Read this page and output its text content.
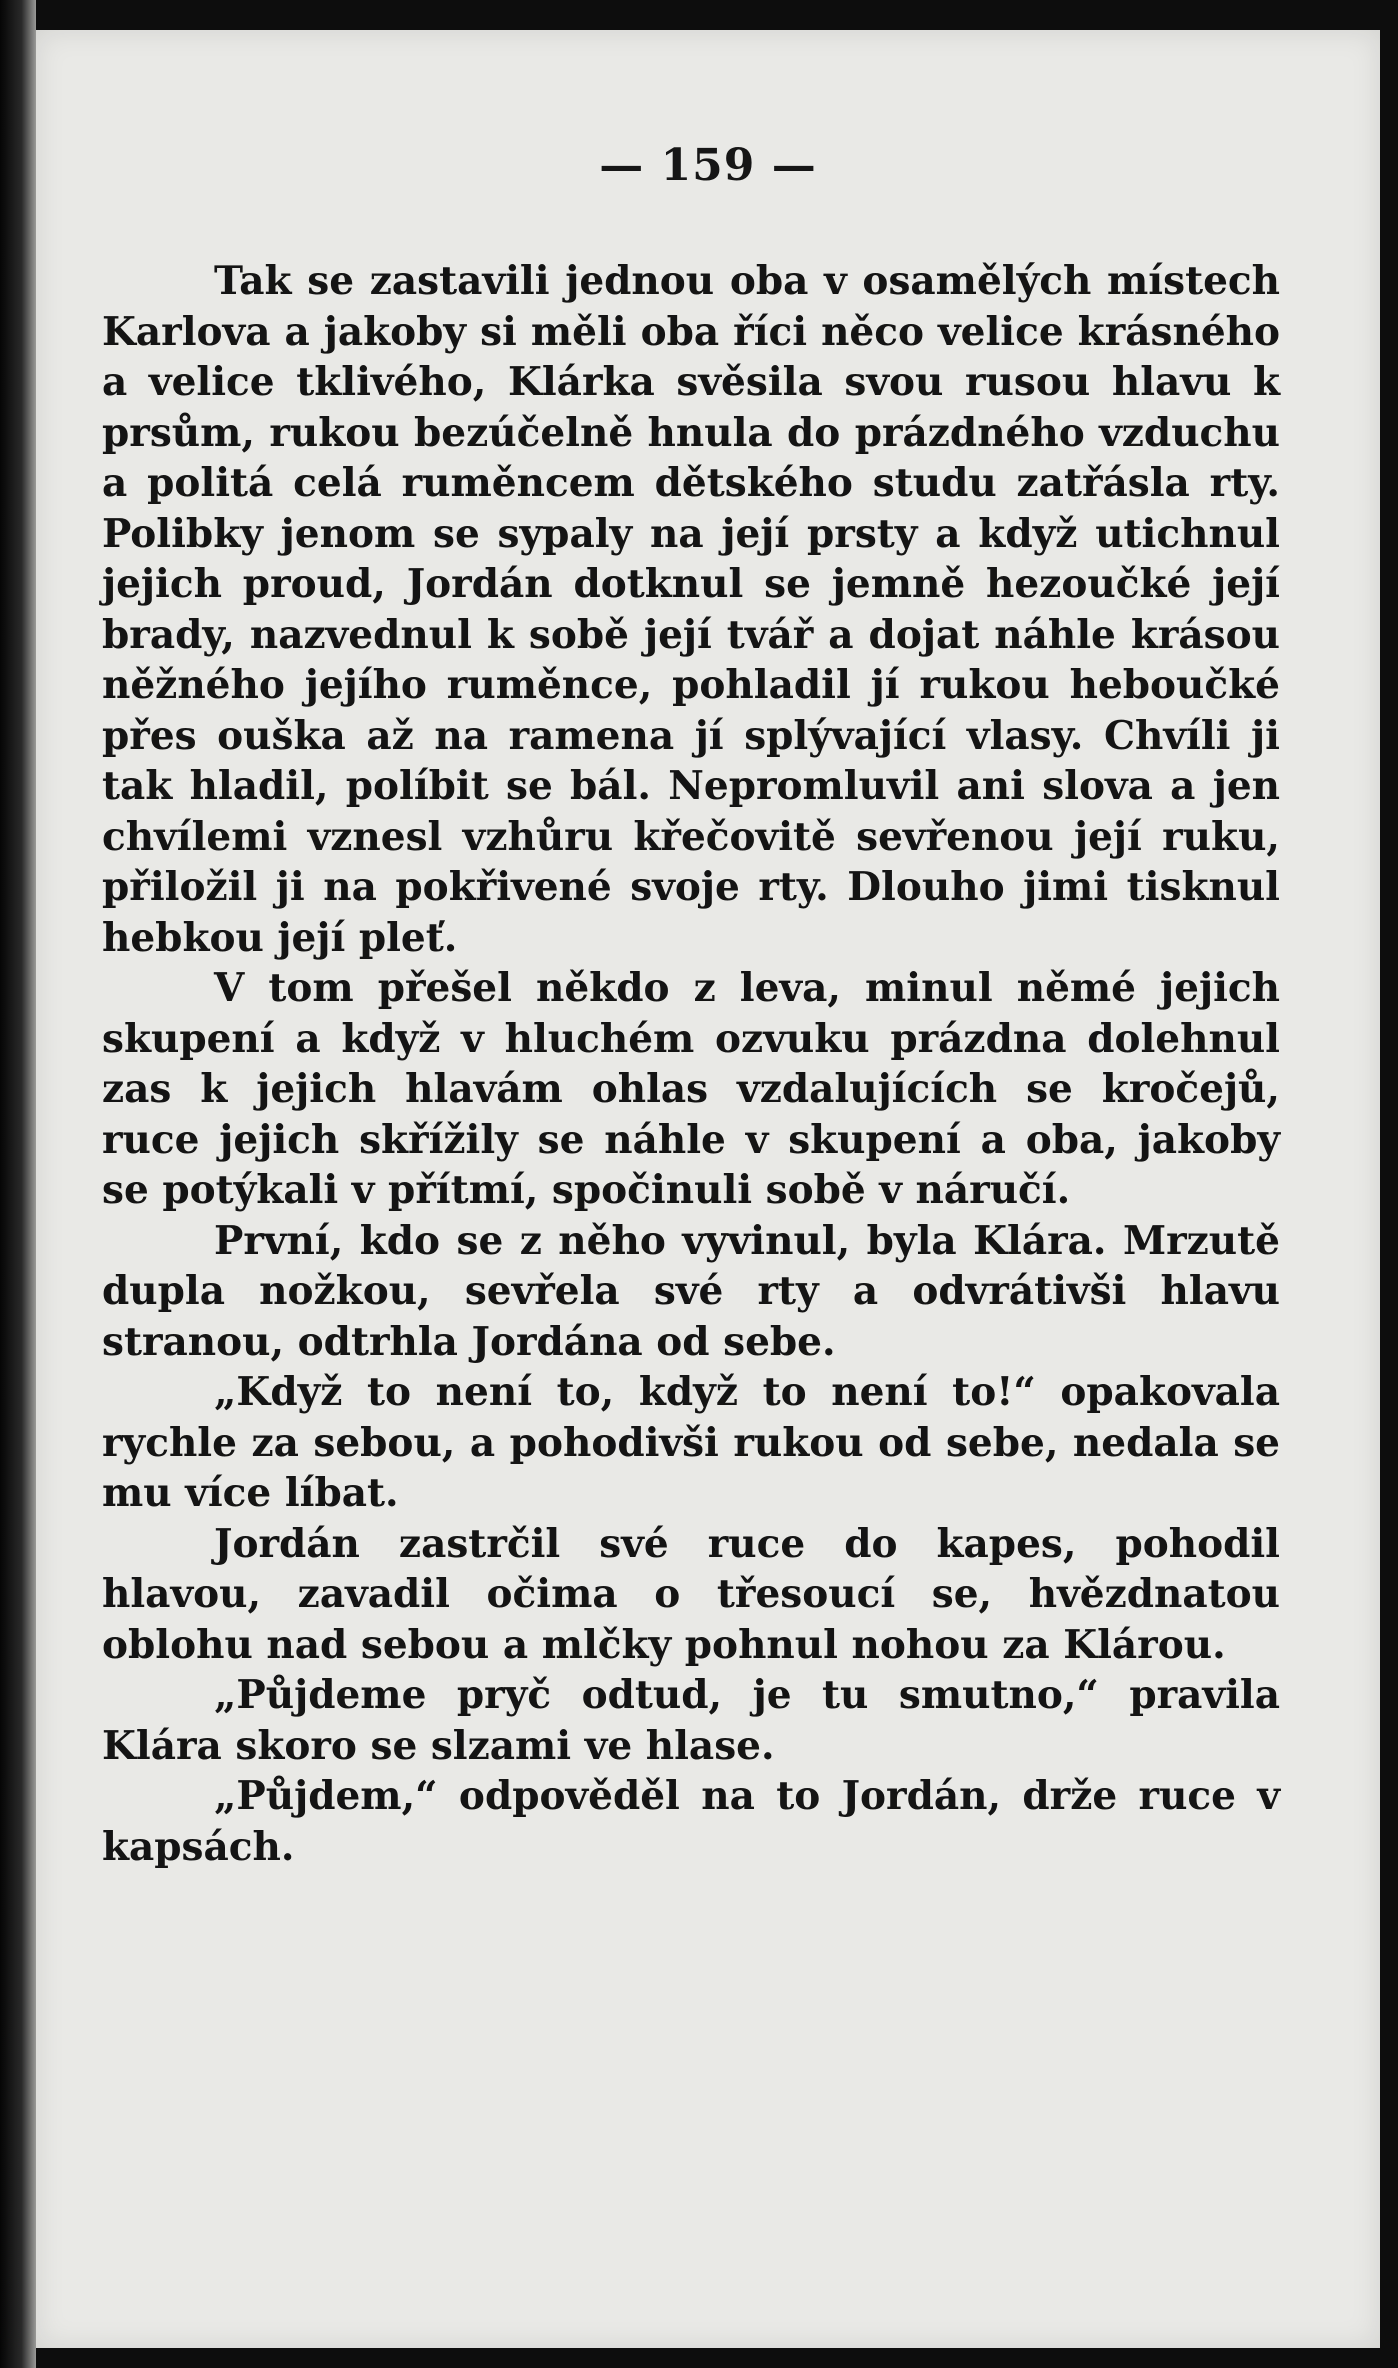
— 159 —

Tak se zastavili jednou oba v osamělých místech Karlova a jakoby si měli oba říci něco velice krásného a velice tklivého, Klárka svěsila svou rusou hlavu k prsům, rukou bezúčelně hnula do prázdného vzduchu a politá celá ruměncem dětského studu zatřásla rty. Polibky jenom se sypaly na její prsty a když utichnul jejich proud, Jordán dotknul se jemně hezoučké její brady, nazvednul k sobě její tvář a dojat náhle krásou něžného jejího ruměnce, pohladil jí rukou heboučké přes ouška až na ramena jí splývající vlasy. Chvíli ji tak hladil, políbit se bál. Nepromluvil ani slova a jen chvílemi vznesl vzhůru křečovitě sevřenou její ruku, přiložil ji na pokřivené svoje rty. Dlouho jimi tisknul hebkou její pleť.

V tom přešel někdo z leva, minul němé jejich skupení a když v hluchém ozvuku prázdna dolehnul zas k jejich hlavám ohlas vzdalujících se kročejů, ruce jejich skřížily se náhle v skupení a oba, jakoby se potýkali v přítmí, spočinuli sobě v náručí.

První, kdo se z něho vyvinul, byla Klára. Mrzutě dupla nožkou, sevřela své rty a odvrátivši hlavu stranou, odtrhla Jordána od sebe.

„Když to není to, když to není to!“ opakovala rychle za sebou, a pohodivši rukou od sebe, nedala se mu více líbat.

Jordán zastrčil své ruce do kapes, pohodil hlavou, zavadil očima o třesoucí se, hvězdnatou oblohu nad sebou a mlčky pohnul nohou za Klárou.

„Půjdeme pryč odtud, je tu smutno,“ pravila Klára skoro se slzami ve hlase.

„Půjdem,“ odpověděl na to Jordán, drže ruce v kapsách.
